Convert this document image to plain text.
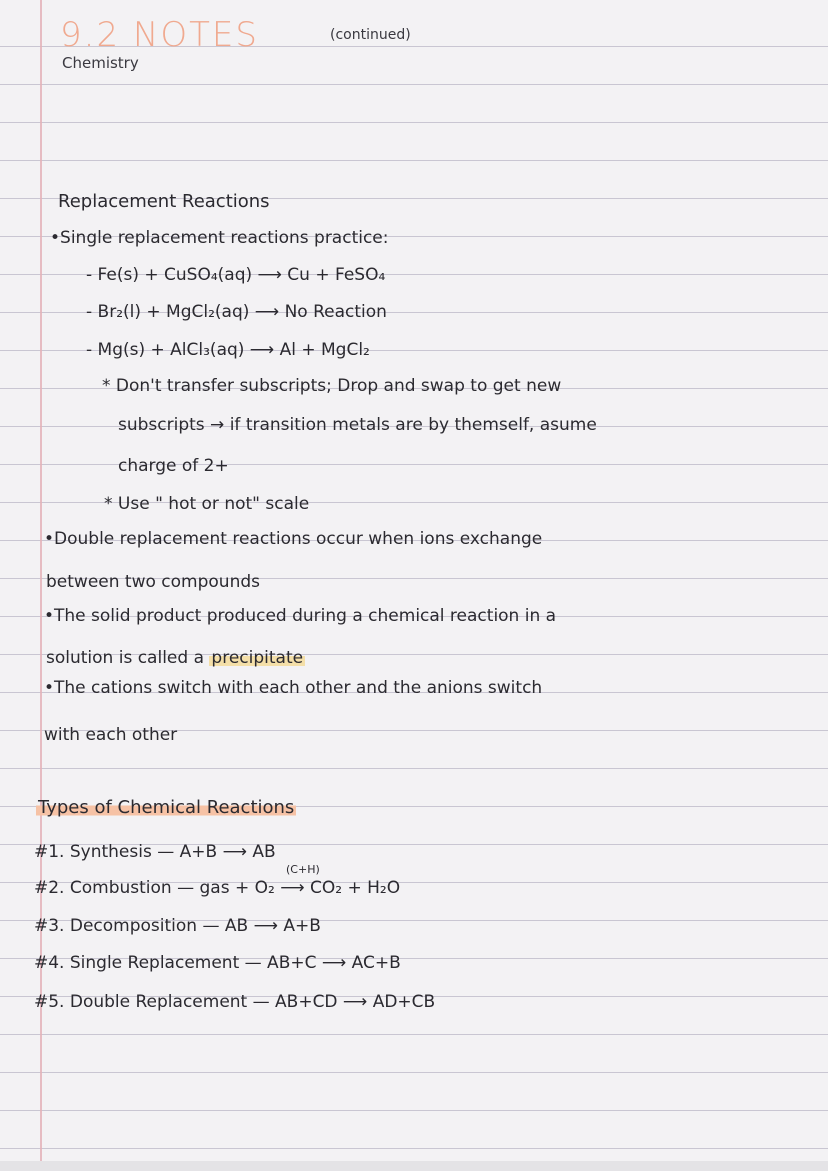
9.2 NOTES	(continued)
Chemistry
Replacement Reactions
•Single replacement reactions practice:
- Fe(s) + CuSO₄(aq) ⟶ Cu + FeSO₄
- Br₂(l) + MgCl₂(aq) ⟶ No Reaction
- Mg(s) + AlCl₃(aq) ⟶ Al + MgCl₂
* Don't transfer subscripts; Drop and swap to get new
subscripts → if transition metals are by themself, asume
charge of 2+
* Use " hot or not" scale
•Double replacement reactions occur when ions exchange
between two compounds
•The solid product produced during a chemical reaction in a
solution is called a precipitate
•The cations switch with each other and the anions switch
with each other
Types of Chemical Reactions
#1. Synthesis — A+B ⟶ AB
(C+H)
#2. Combustion — gas + O₂ ⟶ CO₂ + H₂O
#3. Decomposition — AB ⟶ A+B
#4. Single Replacement — AB+C ⟶ AC+B
#5. Double Replacement — AB+CD ⟶ AD+CB
